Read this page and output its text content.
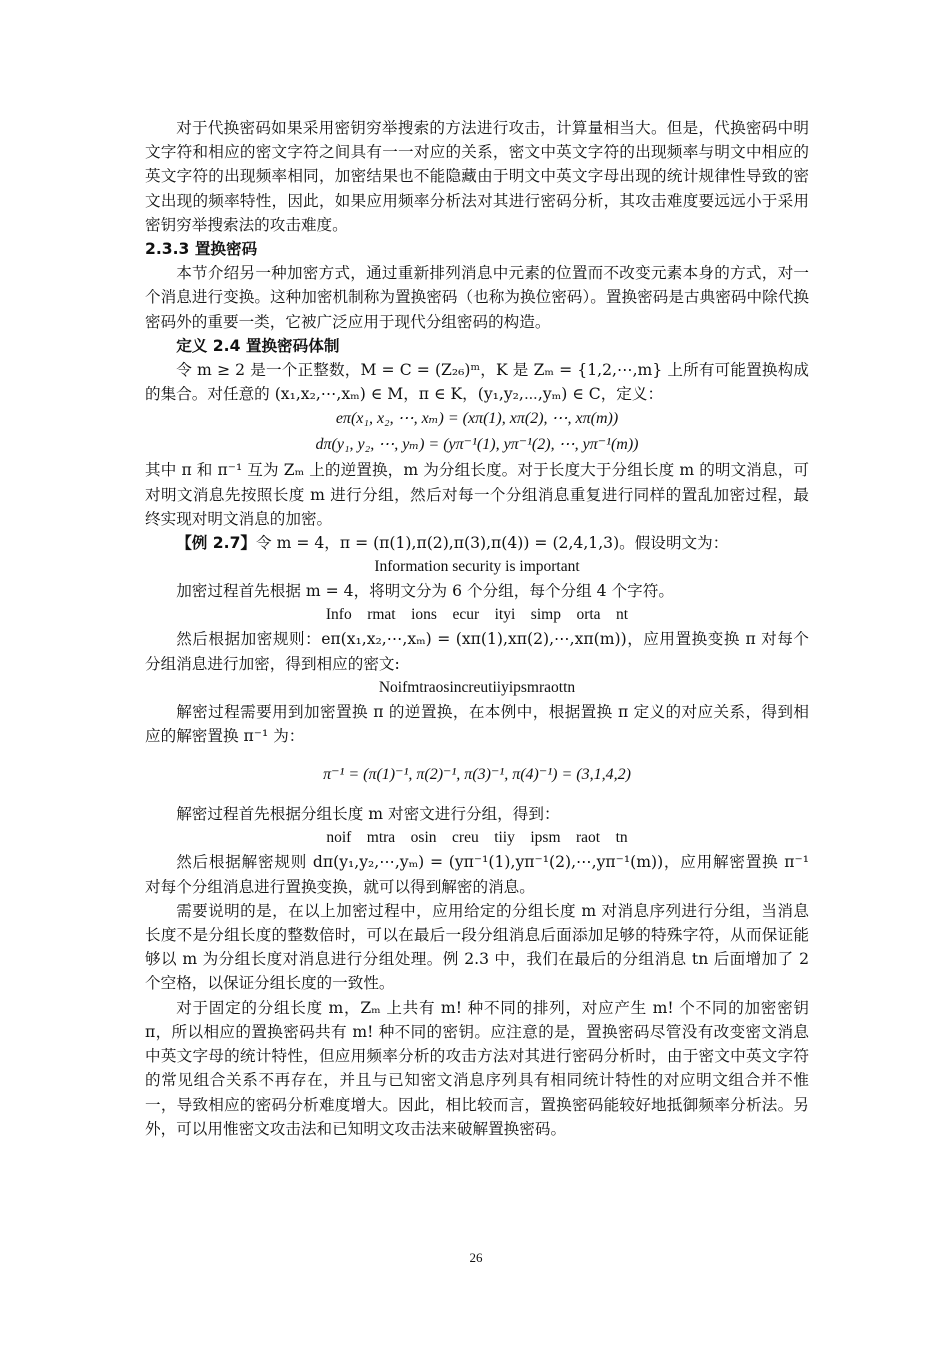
对于代换密码如果采用密钥穷举搜索的方法进行攻击，计算量相当大。但是，代换密码中明文字符和相应的密文字符之间具有一一对应的关系，密文中英文字符的出现频率与明文中相应的英文字符的出现频率相同，加密结果也不能隐藏由于明文中英文字母出现的统计规律性导致的密文出现的频率特性，因此，如果应用频率分析法对其进行密码分析，其攻击难度要远远小于采用密钥穷举搜索法的攻击难度。

2.3.3 置换密码

本节介绍另一种加密方式，通过重新排列消息中元素的位置而不改变元素本身的方式，对一个消息进行变换。这种加密机制称为置换密码（也称为换位密码）。置换密码是古典密码中除代换密码外的重要一类，它被广泛应用于现代分组密码的构造。

定义 2.4 置换密码体制

令 m ≥ 2 是一个正整数，M = C = (Z₂₆)ᵐ，K 是 Zₘ = {1,2,⋯,m} 上所有可能置换构成的集合。对任意的 (x₁,x₂,⋯,xₘ) ∈ M，π ∈ K，(y₁,y₂,⋯,yₘ) ∈ C，定义：

eπ(x₁, x₂, ⋯, xₘ) = (xπ(1), xπ(2), ⋯, xπ(m))
dπ(y₁, y₂, ⋯, yₘ) = (yπ⁻¹(1), yπ⁻¹(2), ⋯, yπ⁻¹(m))

其中 π 和 π⁻¹ 互为 Zₘ 上的逆置换，m 为分组长度。对于长度大于分组长度 m 的明文消息，可对明文消息先按照长度 m 进行分组，然后对每一个分组消息重复进行同样的置乱加密过程，最终实现对明文消息的加密。

【例 2.7】令 m = 4，π = (π(1),π(2),π(3),π(4)) = (2,4,1,3)。假设明文为：

Information security is important

加密过程首先根据 m = 4，将明文分为 6 个分组，每个分组 4 个字符。

Info    rmat    ions    ecur    ityi    simp    orta    nt

然后根据加密规则：eπ(x₁,x₂,⋯,xₘ) = (xπ(1),xπ(2),⋯,xπ(m))，应用置换变换 π 对每个分组消息进行加密，得到相应的密文:

Noifmtraosincreutiiyipsmraottn

解密过程需要用到加密置换 π 的逆置换，在本例中，根据置换 π 定义的对应关系，得到相应的解密置换 π⁻¹ 为：

π⁻¹ = (π(1)⁻¹, π(2)⁻¹, π(3)⁻¹, π(4)⁻¹) = (3,1,4,2)

解密过程首先根据分组长度 m 对密文进行分组，得到：

noif    mtra    osin    creu    tiiy    ipsm    raot    tn

然后根据解密规则 dπ(y₁,y₂,⋯,yₘ) = (yπ⁻¹(1),yπ⁻¹(2),⋯,yπ⁻¹(m))，应用解密置换 π⁻¹ 对每个分组消息进行置换变换，就可以得到解密的消息。

需要说明的是，在以上加密过程中，应用给定的分组长度 m 对消息序列进行分组，当消息长度不是分组长度的整数倍时，可以在最后一段分组消息后面添加足够的特殊字符，从而保证能够以 m 为分组长度对消息进行分组处理。例 2.3 中，我们在最后的分组消息 tn 后面增加了 2 个空格，以保证分组长度的一致性。

对于固定的分组长度 m，Zₘ 上共有 m! 种不同的排列，对应产生 m! 个不同的加密密钥 π，所以相应的置换密码共有 m! 种不同的密钥。应注意的是，置换密码尽管没有改变密文消息中英文字母的统计特性，但应用频率分析的攻击方法对其进行密码分析时，由于密文中英文字符的常见组合关系不再存在，并且与已知密文消息序列具有相同统计特性的对应明文组合并不惟一，导致相应的密码分析难度增大。因此，相比较而言，置换密码能较好地抵御频率分析法。另外，可以用惟密文攻击法和已知明文攻击法来破解置换密码。

26
